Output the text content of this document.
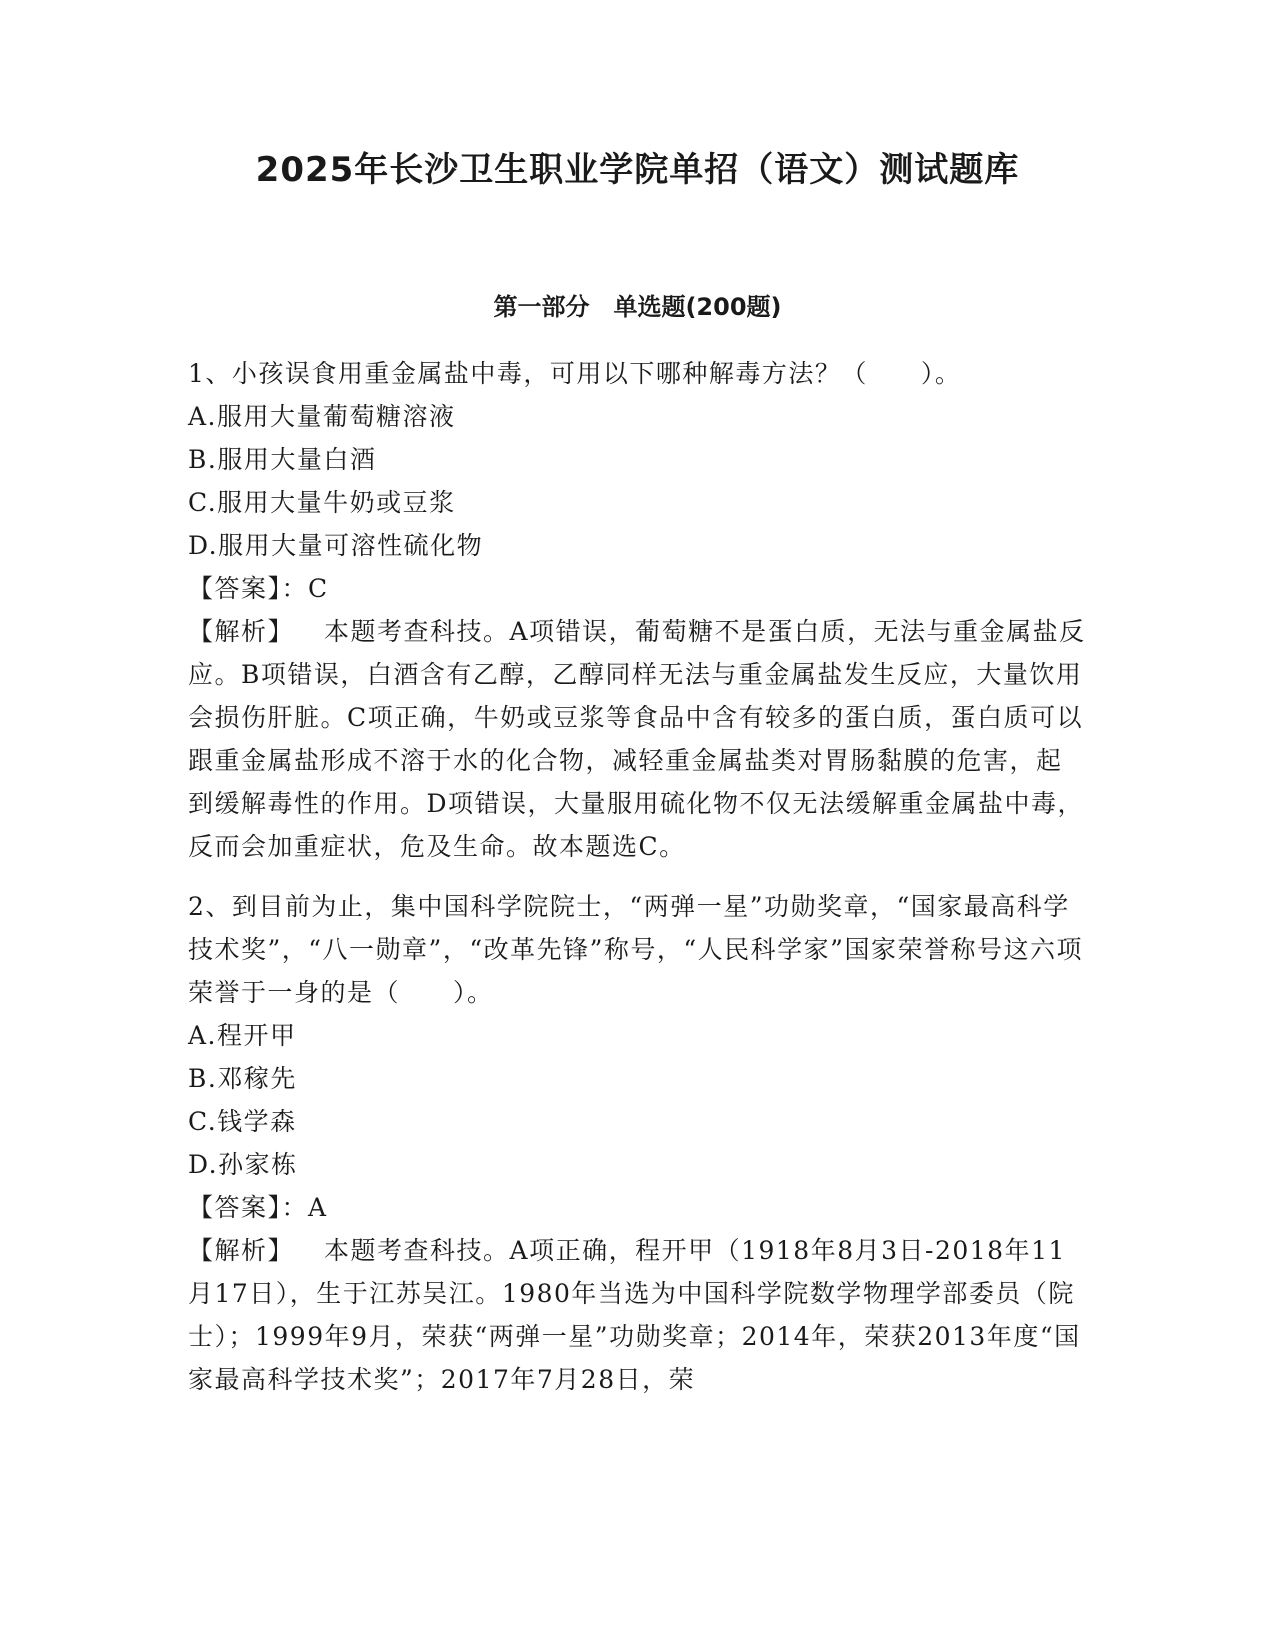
2025年长沙卫生职业学院单招（语文）测试题库
第一部分　单选题(200题)

1、小孩误食用重金属盐中毒，可用以下哪种解毒方法？（　　）。

A.服用大量葡萄糖溶液

B.服用大量白酒

C.服用大量牛奶或豆浆

D.服用大量可溶性硫化物

【答案】：C

【解析】 本题考查科技。A项错误，葡萄糖不是蛋白质，无法与重金属盐反应。B项错误，白酒含有乙醇，乙醇同样无法与重金属盐发生反应，大量饮用会损伤肝脏。C项正确，牛奶或豆浆等食品中含有较多的蛋白质，蛋白质可以跟重金属盐形成不溶于水的化合物，减轻重金属盐类对胃肠黏膜的危害，起到缓解毒性的作用。D项错误，大量服用硫化物不仅无法缓解重金属盐中毒，反而会加重症状，危及生命。故本题选C。

2、到目前为止，集中国科学院院士，“两弹一星”功勋奖章，“国家最高科学技术奖”，“八一勋章”，“改革先锋”称号，“人民科学家”国家荣誉称号这六项荣誉于一身的是（　　）。

A.程开甲

B.邓稼先

C.钱学森

D.孙家栋

【答案】：A

【解析】 本题考查科技。A项正确，程开甲（1918年8月3日-2018年11月17日），生于江苏吴江。1980年当选为中国科学院数学物理学部委员（院士）；1999年9月，荣获“两弹一星”功勋奖章；2014年，荣获2013年度“国家最高科学技术奖”；2017年7月28日，荣
